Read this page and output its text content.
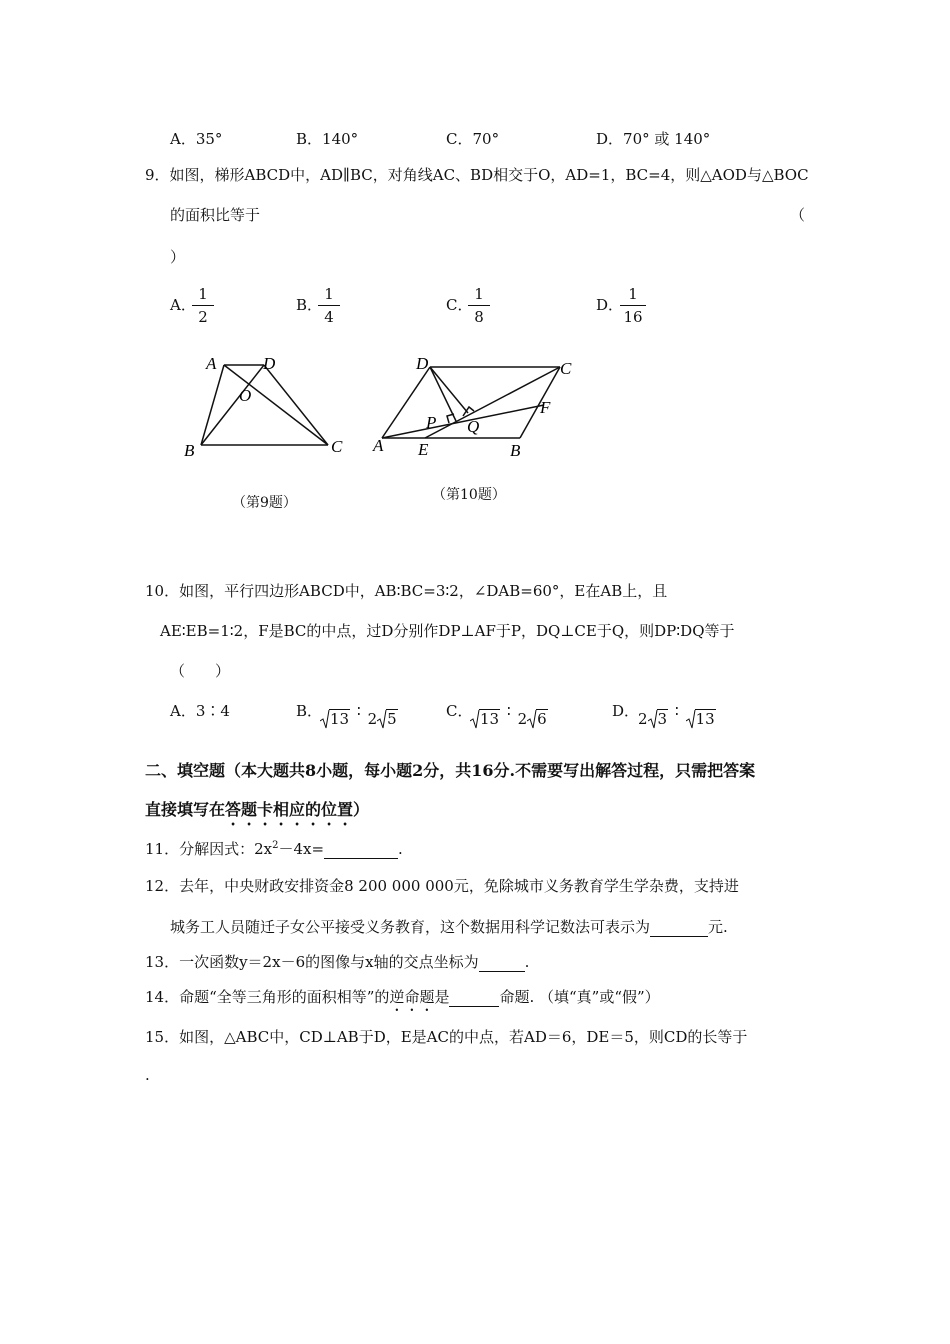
A．35°	B．140°	C．70°	D．70° 或 140°
9．如图，梯形ABCD中，AD∥BC，对角线AC、BD相交于O，AD=1，BC=4，则△AOD与△BOC
的面积比等于	（
）
A．
1
2
B．
1
4
C．
1
8
D．
1
16
A	D
O
B	C
（第9题）
D	C
F
P Q
A E	B
（第10题）
10．如图，平行四边形ABCD中，AB∶BC=3∶2，∠DAB=60°，E在AB上，且
AE∶EB=1∶2，F是BC的中点，过D分别作DP⊥AF于P，DQ⊥CE于Q，则DP∶DQ等于
（　　）
A．3∶4	B． 13 ∶ 2 5	C． 13 ∶ 2 6	D．
2 3 ∶ 13
二、填空题（本大题共8小题，每小题2分，共16分.不需要写出解答过程，只需把答案
直接填写在答题卡相应的位置）
11．分解因式：$2x^2-4x=$	.
12．去年，中央财政安排资金8 200 000 000元，免除城市义务教育学生学杂费，支持进
城务工人员随迁子女公平接受义务教育，这个数据用科学记数法可表示为	元.
13．一次函数y＝2x－6的图像与x轴的交点坐标为	.
14．命题“全等三角形的面积相等”的逆命题是	命题. （填“真”或“假”）
15．如图，△ABC中，CD⊥AB于D，E是AC的中点，若AD＝6，DE＝5，则CD的长等于
.
